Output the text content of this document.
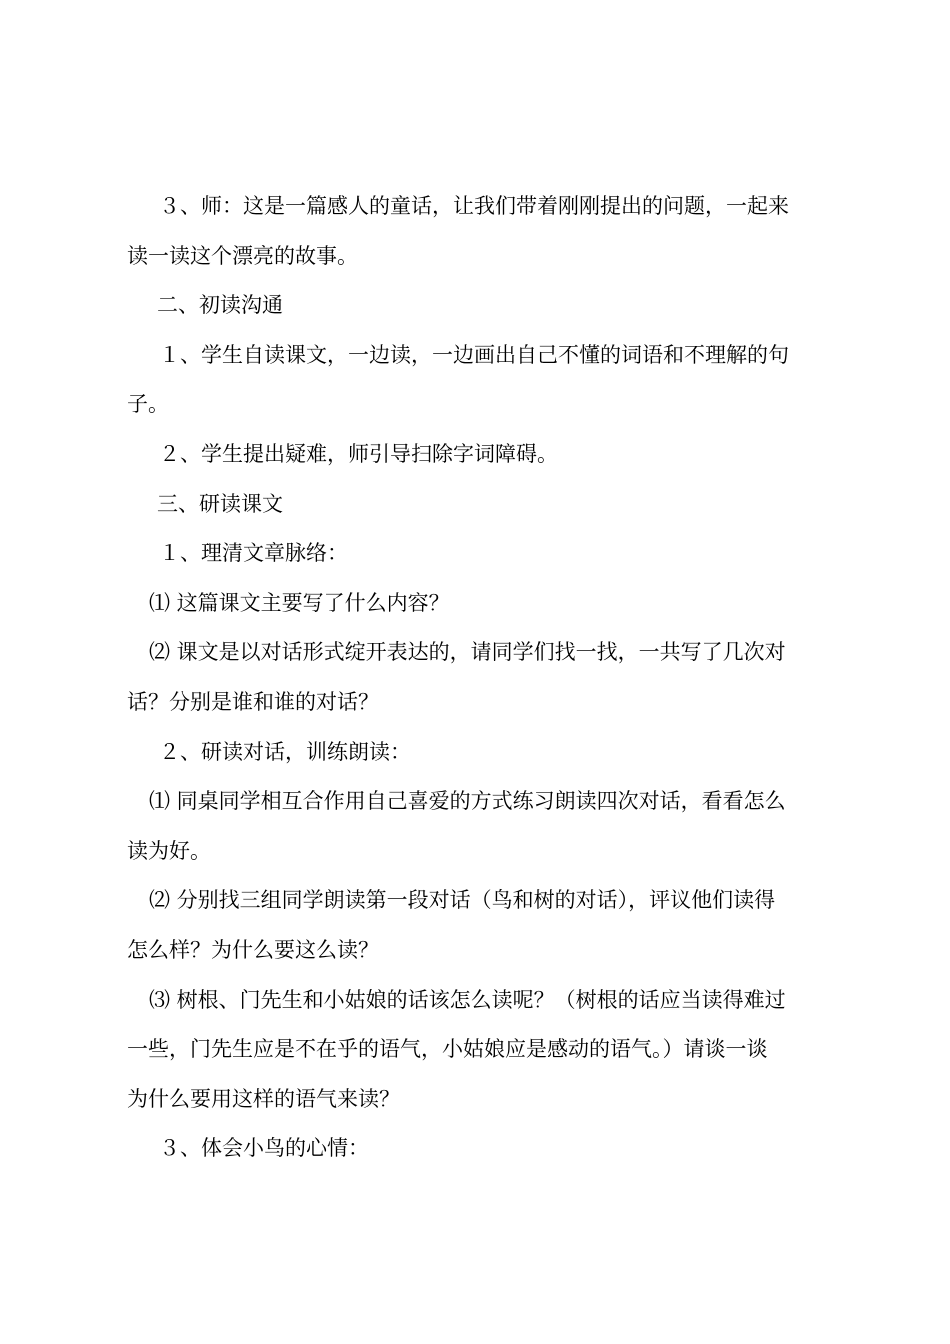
３、师：这是一篇感人的童话，让我们带着刚刚提出的问题，一起来

读一读这个漂亮的故事。

二、初读沟通

１、学生自读课文，一边读，一边画出自己不懂的词语和不理解的句

子。

２、学生提出疑难，师引导扫除字词障碍。

三、研读课文

１、理清文章脉络：

⑴ 这篇课文主要写了什么内容？

⑵ 课文是以对话形式绽开表达的，请同学们找一找，一共写了几次对

话？分别是谁和谁的对话？

２、研读对话，训练朗读：

⑴ 同桌同学相互合作用自己喜爱的方式练习朗读四次对话，看看怎么

读为好。

⑵ 分别找三组同学朗读第一段对话（鸟和树的对话），评议他们读得

怎么样？为什么要这么读？

⑶ 树根、门先生和小姑娘的话该怎么读呢？（树根的话应当读得难过

一些，门先生应是不在乎的语气，小姑娘应是感动的语气。）请谈一谈

为什么要用这样的语气来读？

３、体会小鸟的心情：
